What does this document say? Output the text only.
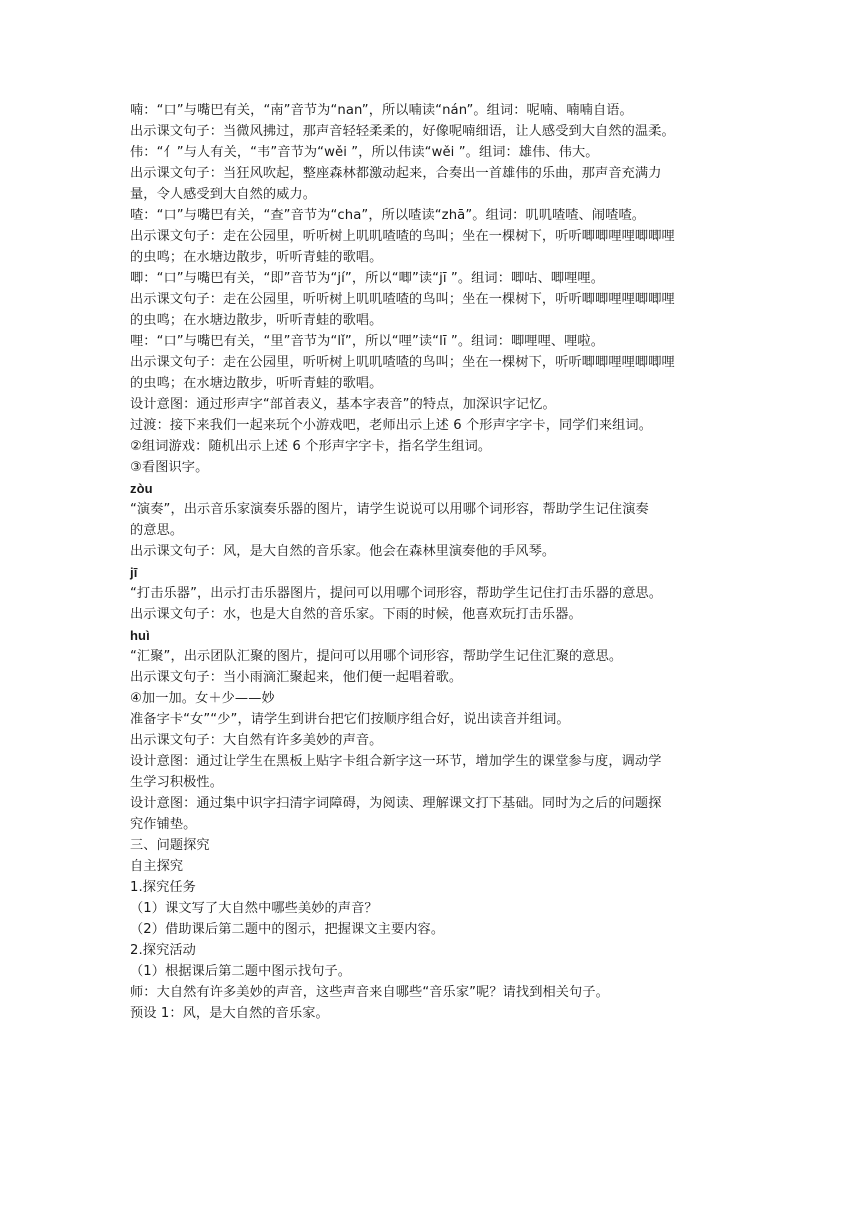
喃：“口”与嘴巴有关，“南”音节为“nan”，所以喃读“nán”。组词：呢喃、喃喃自语。
出示课文句子：当微风拂过，那声音轻轻柔柔的，好像呢喃细语，让人感受到大自然的温柔。
伟：“亻”与人有关，“韦”音节为“wěi ”，所以伟读“wěi ”。组词：雄伟、伟大。
出示课文句子：当狂风吹起，整座森林都激动起来，合奏出一首雄伟的乐曲，那声音充满力
量，令人感受到大自然的威力。
喳：“口”与嘴巴有关，“查”音节为“cha”，所以喳读“zhā”。组词：叽叽喳喳、闹喳喳。
出示课文句子：走在公园里，听听树上叽叽喳喳的鸟叫；坐在一棵树下，听听唧唧哩哩唧唧哩
的虫鸣；在水塘边散步，听听青蛙的歌唱。
唧：“口”与嘴巴有关，“即”音节为“jí”，所以“唧”读“jī ”。组词：唧咕、唧哩哩。
出示课文句子：走在公园里，听听树上叽叽喳喳的鸟叫；坐在一棵树下，听听唧唧哩哩唧唧哩
的虫鸣；在水塘边散步，听听青蛙的歌唱。
哩：“口”与嘴巴有关，“里”音节为“lǐ”，所以“哩”读“lī ”。组词：唧哩哩、哩啦。
出示课文句子：走在公园里，听听树上叽叽喳喳的鸟叫；坐在一棵树下，听听唧唧哩哩唧唧哩
的虫鸣；在水塘边散步，听听青蛙的歌唱。
设计意图：通过形声字“部首表义，基本字表音”的特点，加深识字记忆。
过渡：接下来我们一起来玩个小游戏吧，老师出示上述 6 个形声字字卡，同学们来组词。
②组词游戏：随机出示上述 6 个形声字字卡，指名学生组词。
③看图识字。
zòu
“演奏”，出示音乐家演奏乐器的图片，请学生说说可以用哪个词形容，帮助学生记住演奏
的意思。
出示课文句子：风，是大自然的音乐家。他会在森林里演奏他的手风琴。
jī
“打击乐器”，出示打击乐器图片，提问可以用哪个词形容，帮助学生记住打击乐器的意思。
出示课文句子：水，也是大自然的音乐家。下雨的时候，他喜欢玩打击乐器。
huì
“汇聚”，出示团队汇聚的图片，提问可以用哪个词形容，帮助学生记住汇聚的意思。
出示课文句子：当小雨滴汇聚起来，他们便一起唱着歌。
④加一加。女＋少——妙
准备字卡“女”“少”，请学生到讲台把它们按顺序组合好，说出读音并组词。
出示课文句子：大自然有许多美妙的声音。
设计意图：通过让学生在黑板上贴字卡组合新字这一环节，增加学生的课堂参与度，调动学
生学习积极性。
设计意图：通过集中识字扫清字词障碍，为阅读、理解课文打下基础。同时为之后的问题探
究作铺垫。
三、问题探究
自主探究
1.探究任务
（1）课文写了大自然中哪些美妙的声音？
（2）借助课后第二题中的图示，把握课文主要内容。
2.探究活动
（1）根据课后第二题中图示找句子。
师：大自然有许多美妙的声音，这些声音来自哪些“音乐家”呢？请找到相关句子。
预设 1：风，是大自然的音乐家。
